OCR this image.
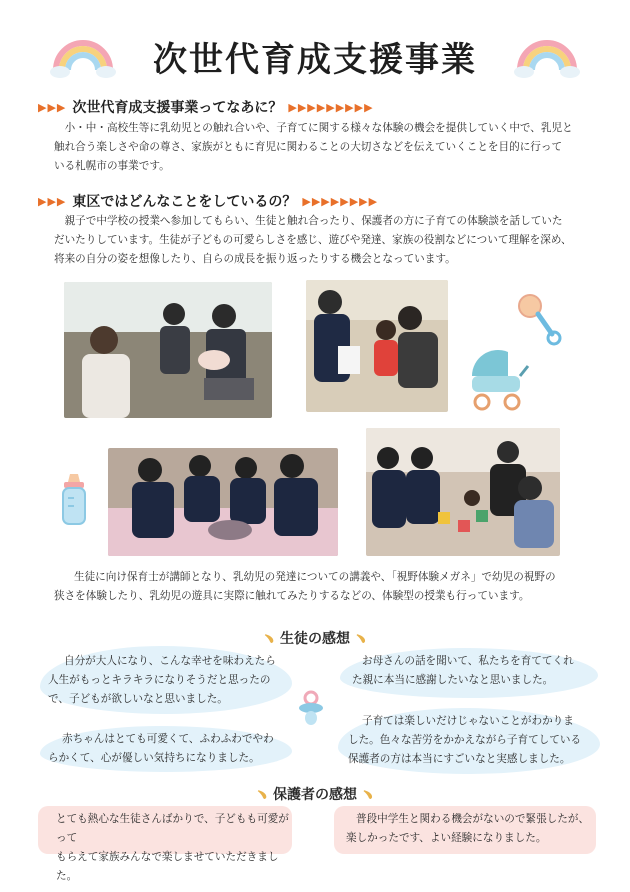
次世代育成支援事業
▶▶▶ 次世代育成支援事業ってなあに？ ▶▶▶▶▶▶▶▶▶
　小・中・高校生等に乳幼児との触れ合いや、子育てに関する様々な体験の機会を提供していく中で、乳児と
触れ合う楽しさや命の尊さ、家族がともに育児に関わることの大切さなどを伝えていくことを目的に行って
いる札幌市の事業です。
▶▶▶ 東区ではどんなことをしているの？ ▶▶▶▶▶▶▶▶
　親子で中学校の授業へ参加してもらい、生徒と触れ合ったり、保護者の方に子育ての体験談を話していた
だいたりしています。生徒が子どもの可愛らしさを感じ、遊びや発達、家族の役割などについて理解を深め、
将来の自分の姿を想像したり、自らの成長を振り返ったりする機会となっています。
生徒に向け保育士が講師となり、乳幼児の発達についての講義や、「視野体験メガネ」で幼児の視野の
狭さを体験したり、乳幼児の遊具に実際に触れてみたりするなどの、体験型の授業も行っています。
﹅ 生徒の感想 ﹅
自分が大人になり、こんな幸せを味わえたら
人生がもっとキラキラになりそうだと思ったの
で、子どもが欲しいなと思いました。
お母さんの話を聞いて、私たちを育ててくれ
た親に本当に感謝したいなと思いました。
赤ちゃんはとても可愛くて、ふわふわでやわ
らかくて、心が優しい気持ちになりました。
子育ては楽しいだけじゃないことがわかりま
した。色々な苦労をかかえながら子育てしている
保護者の方は本当にすごいなと実感しました。
﹅ 保護者の感想 ﹅
とても熱心な生徒さんばかりで、子どもも可愛がって
もらえて家族みんなで楽しませていただきました。
普段中学生と関わる機会がないので緊張したが、
楽しかったです、よい経験になりました。
